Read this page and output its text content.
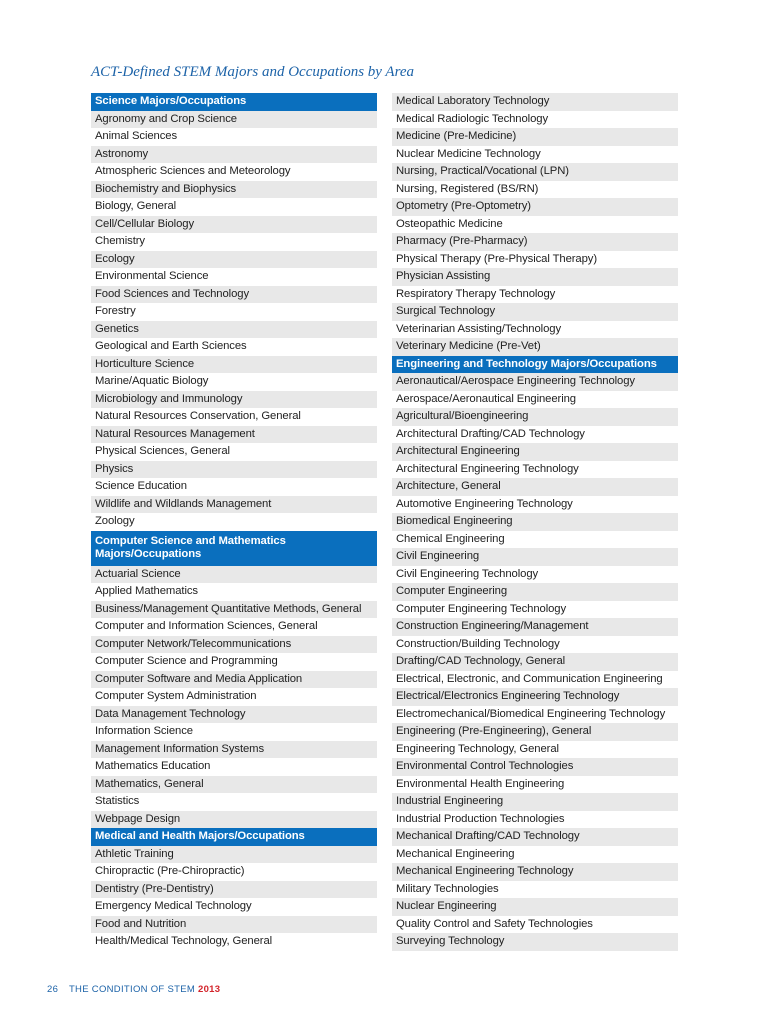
ACT-Defined STEM Majors and Occupations by Area
Science Majors/Occupations
Agronomy and Crop Science
Animal Sciences
Astronomy
Atmospheric Sciences and Meteorology
Biochemistry and Biophysics
Biology, General
Cell/Cellular Biology
Chemistry
Ecology
Environmental Science
Food Sciences and Technology
Forestry
Genetics
Geological and Earth Sciences
Horticulture Science
Marine/Aquatic Biology
Microbiology and Immunology
Natural Resources Conservation, General
Natural Resources Management
Physical Sciences, General
Physics
Science Education
Wildlife and Wildlands Management
Zoology
Computer Science and Mathematics Majors/Occupations
Actuarial Science
Applied Mathematics
Business/Management Quantitative Methods, General
Computer and Information Sciences, General
Computer Network/Telecommunications
Computer Science and Programming
Computer Software and Media Application
Computer System Administration
Data Management Technology
Information Science
Management Information Systems
Mathematics Education
Mathematics, General
Statistics
Webpage Design
Medical and Health Majors/Occupations
Athletic Training
Chiropractic (Pre-Chiropractic)
Dentistry (Pre-Dentistry)
Emergency Medical Technology
Food and Nutrition
Health/Medical Technology, General
Medical Laboratory Technology
Medical Radiologic Technology
Medicine (Pre-Medicine)
Nuclear Medicine Technology
Nursing, Practical/Vocational (LPN)
Nursing, Registered (BS/RN)
Optometry (Pre-Optometry)
Osteopathic Medicine
Pharmacy (Pre-Pharmacy)
Physical Therapy (Pre-Physical Therapy)
Physician Assisting
Respiratory Therapy Technology
Surgical Technology
Veterinarian Assisting/Technology
Veterinary Medicine (Pre-Vet)
Engineering and Technology Majors/Occupations
Aeronautical/Aerospace Engineering Technology
Aerospace/Aeronautical Engineering
Agricultural/Bioengineering
Architectural Drafting/CAD Technology
Architectural Engineering
Architectural Engineering Technology
Architecture, General
Automotive Engineering Technology
Biomedical Engineering
Chemical Engineering
Civil Engineering
Civil Engineering Technology
Computer Engineering
Computer Engineering Technology
Construction Engineering/Management
Construction/Building Technology
Drafting/CAD Technology, General
Electrical, Electronic, and Communication Engineering
Electrical/Electronics Engineering Technology
Electromechanical/Biomedical Engineering Technology
Engineering (Pre-Engineering), General
Engineering Technology, General
Environmental Control Technologies
Environmental Health Engineering
Industrial Engineering
Industrial Production Technologies
Mechanical Drafting/CAD Technology
Mechanical Engineering
Mechanical Engineering Technology
Military Technologies
Nuclear Engineering
Quality Control and Safety Technologies
Surveying Technology
26 THE CONDITION OF STEM 2013
